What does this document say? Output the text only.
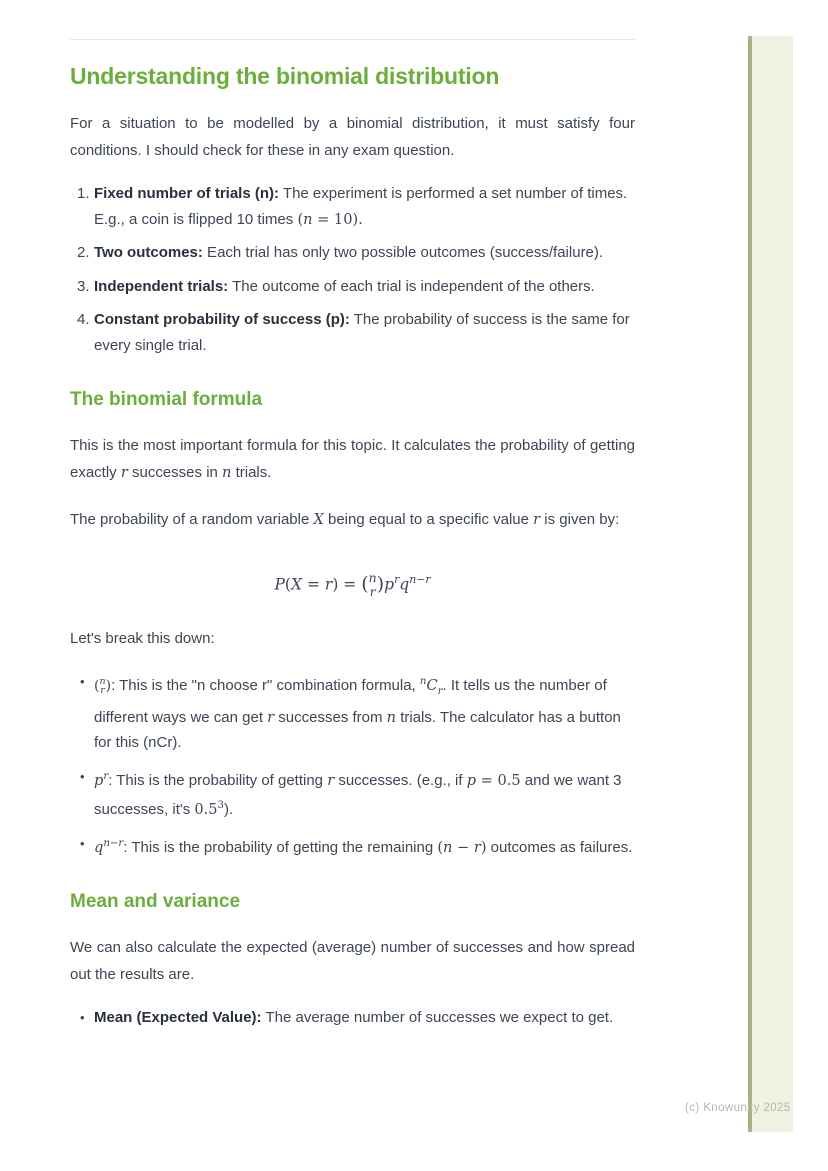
(c) Knowunity 2025
Understanding the binomial distribution

For a situation to be modelled by a binomial distribution, it must satisfy four conditions. I should check for these in any exam question.

1. Fixed number of trials (n): The experiment is performed a set number of times. E.g., a coin is flipped 10 times (n = 10).
2. Two outcomes: Each trial has only two possible outcomes (success/failure).
3. Independent trials: The outcome of each trial is independent of the others.
4. Constant probability of success (p): The probability of success is the same for every single trial.
The binomial formula

This is the most important formula for this topic. It calculates the probability of getting exactly r successes in n trials.

The probability of a random variable X being equal to a specific value r is given by:

P(X = r) = ( n
r ) $p^rq^{n-r}$

Let's break this down:

• ( n
r ) : This is the "n choose r" combination formula, $^nC_r$. It tells us the number of different ways we can get r successes from n trials. The calculator has a button for this (nCr).
• $p^r$: This is the probability of getting r successes. (e.g., if p = 0.5 and we want 3 successes, it's $0.5^3$).
• $q^{n-r}$: This is the probability of getting the remaining (n − r) outcomes as failures.
Mean and variance

We can also calculate the expected (average) number of successes and how spread out the results are.

• Mean (Expected Value): The average number of successes we expect to get.
